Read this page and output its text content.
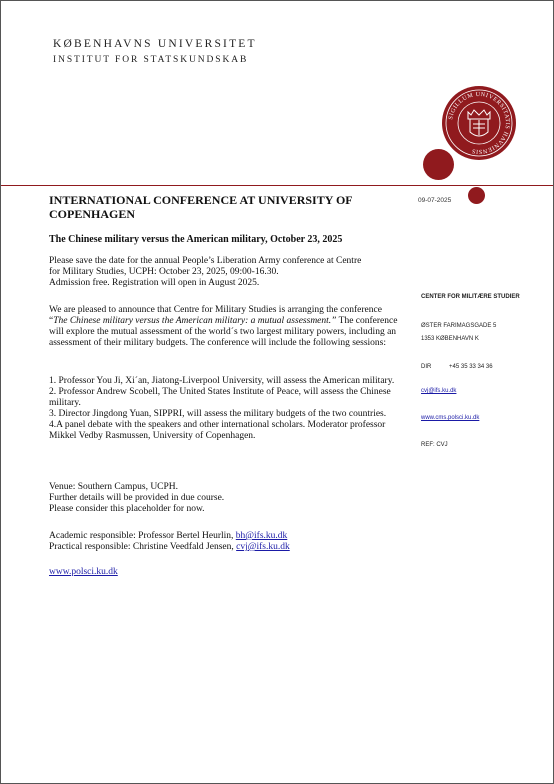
KØBENHAVNS UNIVERSITET
INSTITUT FOR STATSKUNDSKAB
SIGILLUM UNIVERSITATIS HAVNIENSIS
INTERNATIONAL CONFERENCE AT UNIVERSITY OF COPENHAGEN
09-07-2025
The Chinese military versus the American military, October 23, 2025

Please save the date for the annual People’s Liberation Army conference at Centre

for Military Studies, UCPH: October 23, 2025, 09:00-16.30.

Admission free. Registration will open in August 2025.

We are pleased to announce that Centre for Military Studies is arranging the conference “The Chinese military versus the American military: a mutual assessment.” The conference will explore the mutual assessment of the world´s two largest military powers, including an assessment of their military budgets. The conference will include the following sessions:

1. Professor You Ji, Xi´an, Jiatong-Liverpool University, will assess the American military.

2. Professor Andrew Scobell, The United States Institute of Peace, will assess the Chinese military.

3. Director Jingdong Yuan, SIPPRI, will assess the military budgets of the two countries.

4.A panel debate with the speakers and other international scholars. Moderator professor Mikkel Vedby Rasmussen, University of Copenhagen.

Venue: Southern Campus, UCPH.

Further details will be provided in due course.

Please consider this placeholder for now.

Academic responsible: Professor Bertel Heurlin, bh@ifs.ku.dk

Practical responsible: Christine Veedfald Jensen, cvj@ifs.ku.dk

www.polsci.ku.dk

CENTER FOR MILITÆRE STUDIER
ØSTER FARIMAGSGADE 5
1353 KØBENHAVN K
DIR	+45 35 33 34 36
cvj@ifs.ku.dk
www.cms.polsci.ku.dk
REF: CVJ
